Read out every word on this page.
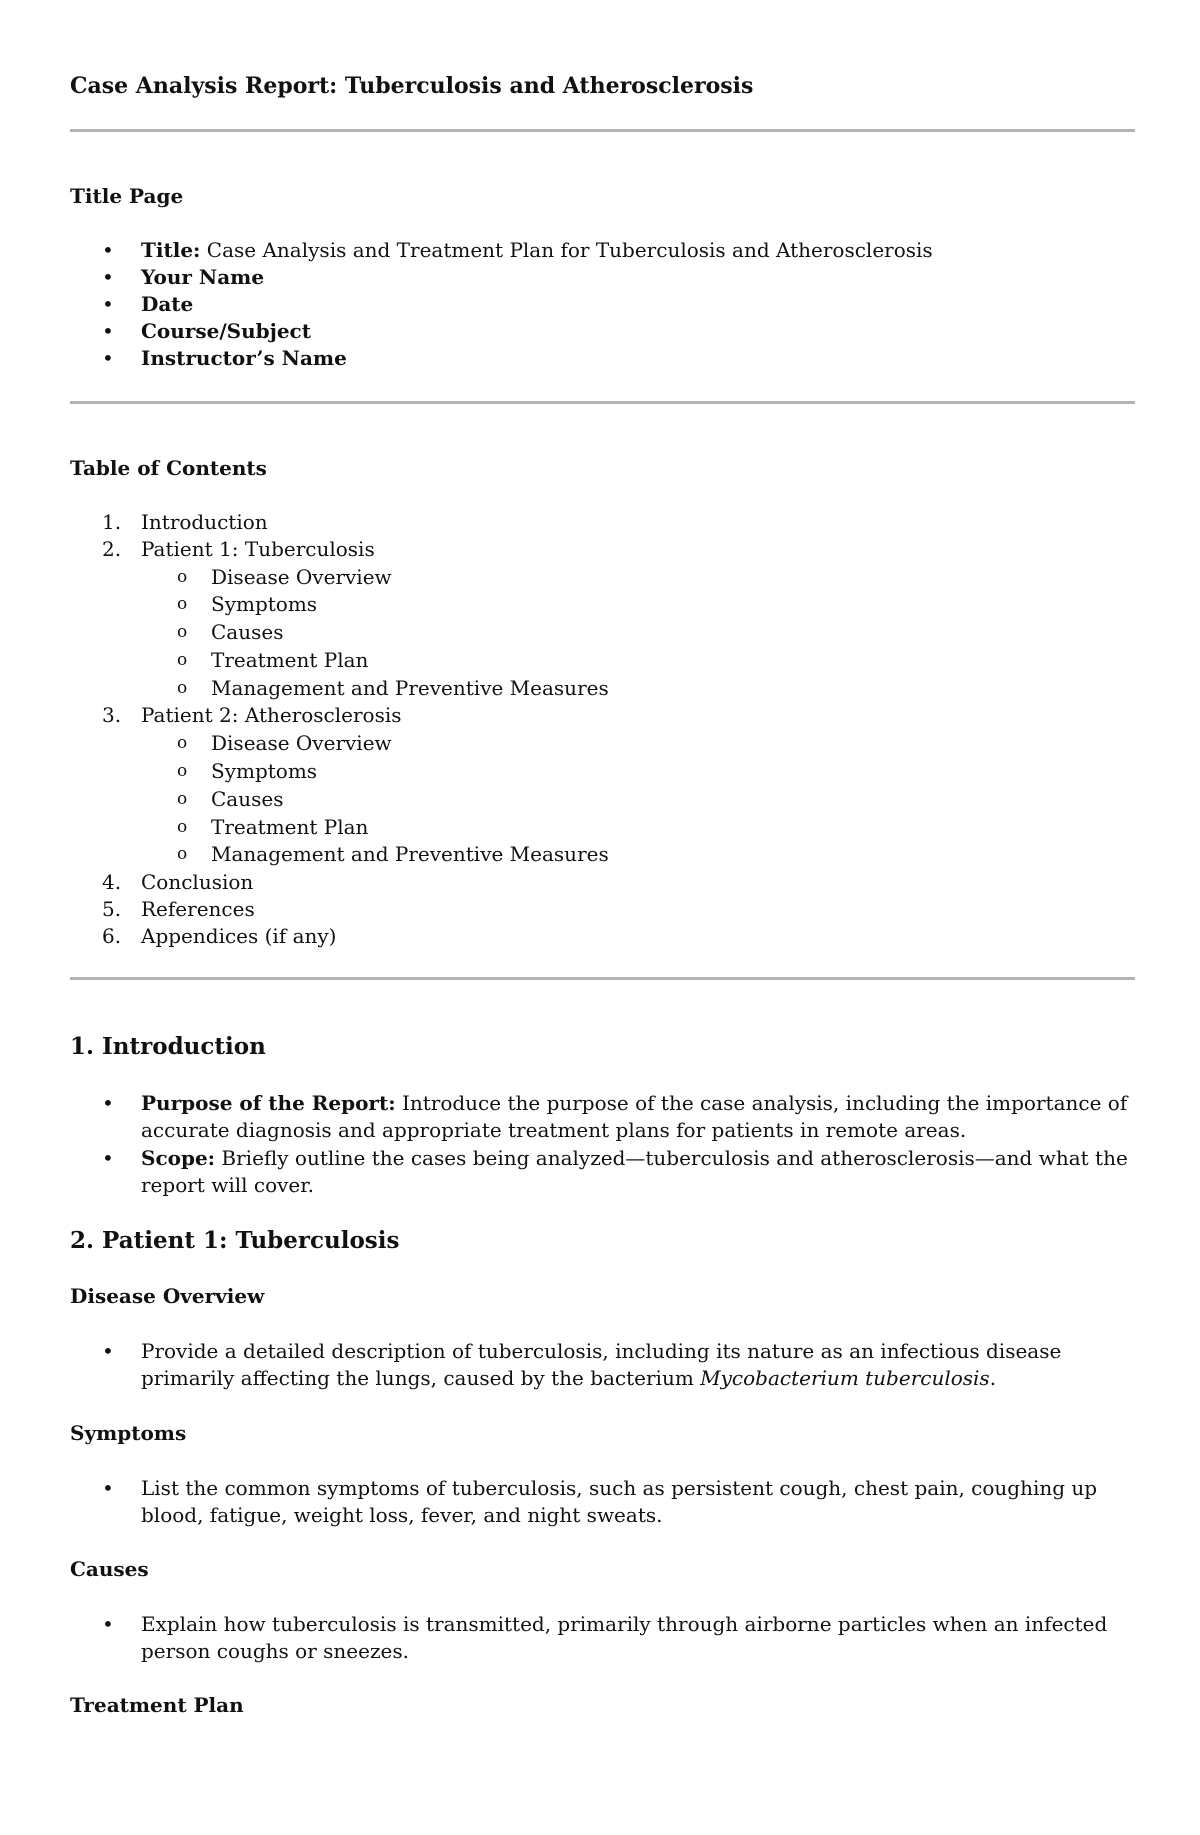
Case Analysis Report: Tuberculosis and Atherosclerosis
Title Page
• Title: Case Analysis and Treatment Plan for Tuberculosis and Atherosclerosis
• Your Name
• Date
• Course/Subject
• Instructor’s Name
Table of Contents
1. Introduction
2. Patient 1: Tuberculosis
o Disease Overview
o Symptoms
o Causes
o Treatment Plan
o Management and Preventive Measures
3. Patient 2: Atherosclerosis
o Disease Overview
o Symptoms
o Causes
o Treatment Plan
o Management and Preventive Measures
4. Conclusion
5. References
6. Appendices (if any)
1. Introduction
• Purpose of the Report: Introduce the purpose of the case analysis, including the importance of accurate diagnosis and appropriate treatment plans for patients in remote areas.
• Scope: Briefly outline the cases being analyzed—tuberculosis and atherosclerosis—and what the report will cover.
2. Patient 1: Tuberculosis
Disease Overview
• Provide a detailed description of tuberculosis, including its nature as an infectious disease primarily affecting the lungs, caused by the bacterium Mycobacterium tuberculosis.
Symptoms
• List the common symptoms of tuberculosis, such as persistent cough, chest pain, coughing up blood, fatigue, weight loss, fever, and night sweats.
Causes
• Explain how tuberculosis is transmitted, primarily through airborne particles when an infected person coughs or sneezes.
Treatment Plan
